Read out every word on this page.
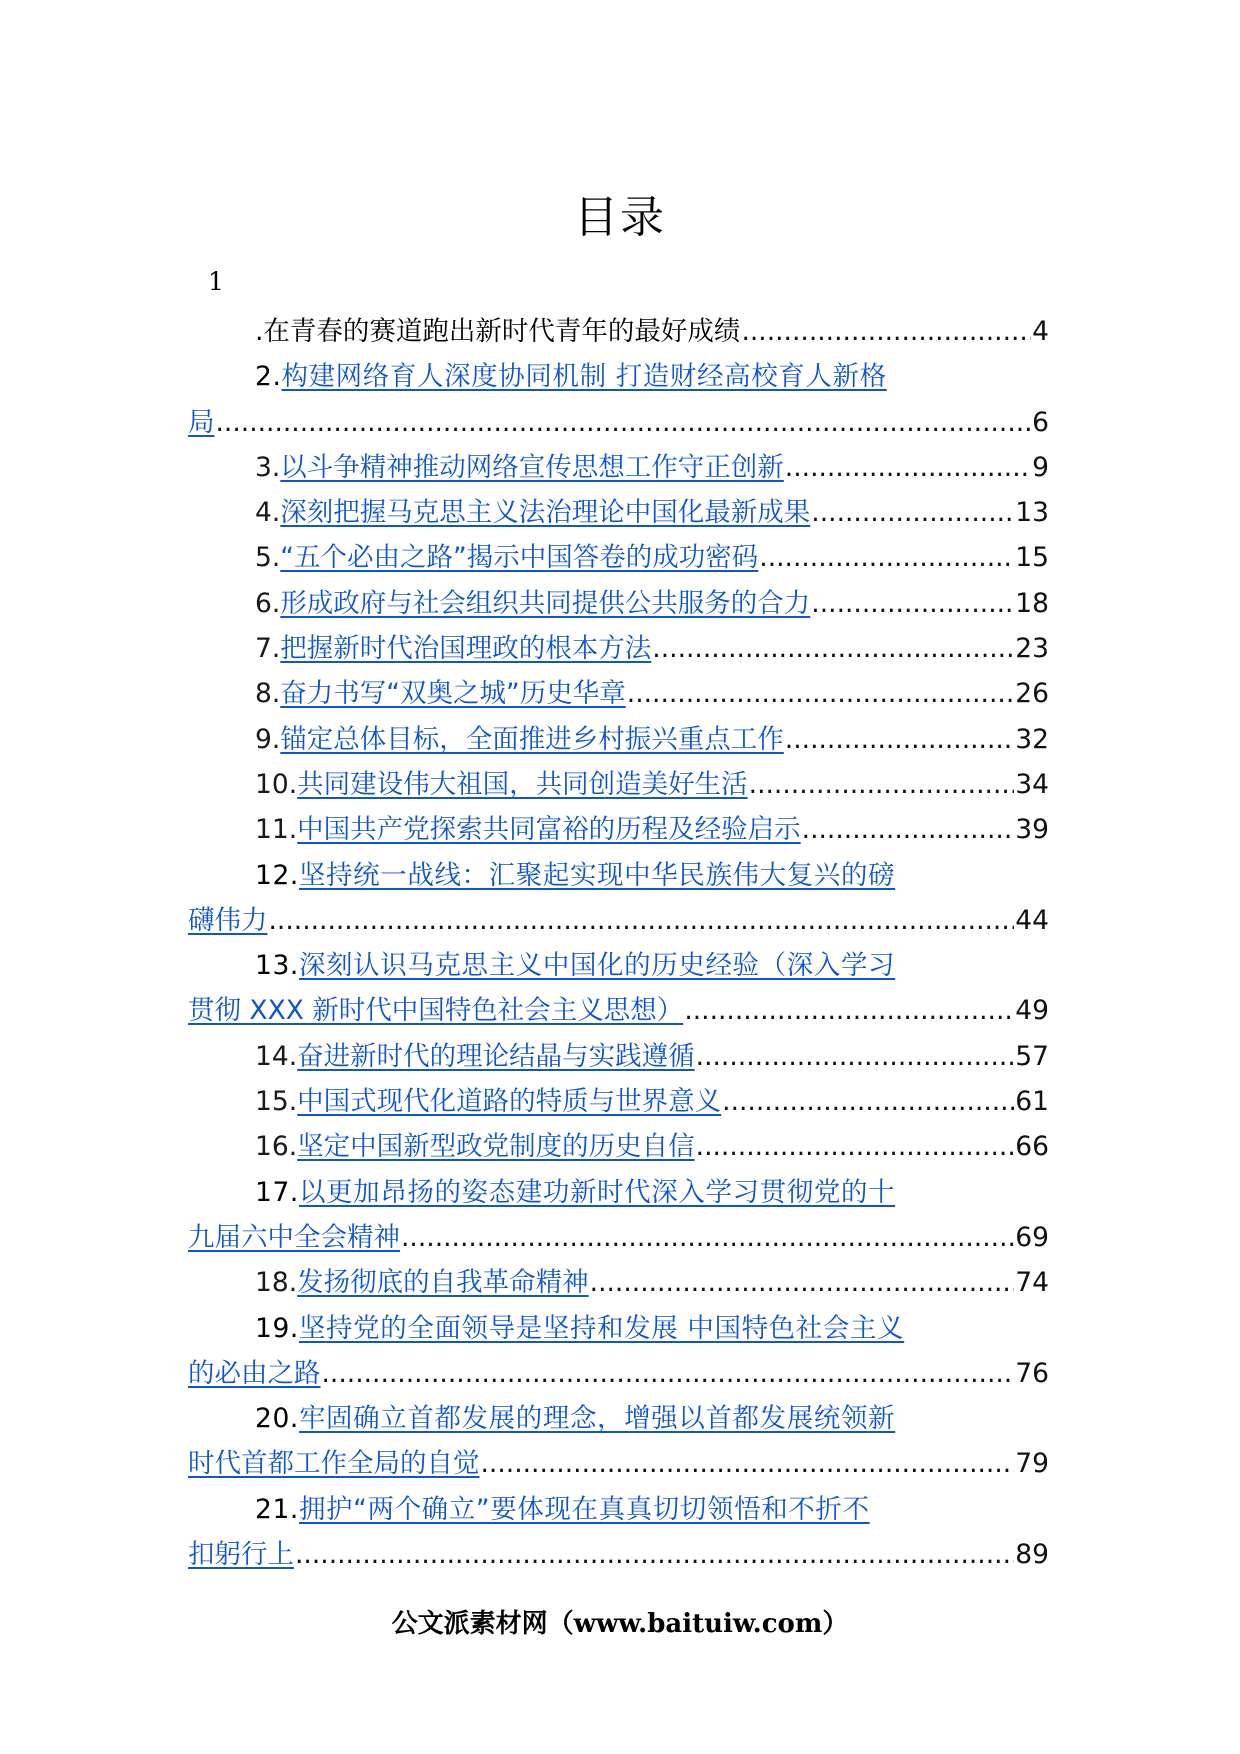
目录
1
.在青春的赛道跑出新时代青年的最好成绩 .....	4
2.构建网络育人深度协同机制 打造财经高校育人新格
局 .....	6
3. 以斗争精神推动网络宣传思想工作守正创新 .....	9
4. 深刻把握马克思主义法治理论中国化最新成果 .....	13
5. “五个必由之路”揭示中国答卷的成功密码 .....	15
6. 形成政府与社会组织共同提供公共服务的合力 .....	18
7. 把握新时代治国理政的根本方法 .....	23
8. 奋力书写“双奥之城”历史华章 .....	26
9. 锚定总体目标，全面推进乡村振兴重点工作 .....	32
10. 共同建设伟大祖国，共同创造美好生活 .....	34
11. 中国共产党探索共同富裕的历程及经验启示 .....	39
12.坚持统一战线：汇聚起实现中华民族伟大复兴的磅
礴伟力 .....	44
13.深刻认识马克思主义中国化的历史经验（深入学习
贯彻 XXX 新时代中国特色社会主义思想） .....	49
14. 奋进新时代的理论结晶与实践遵循 .....	57
15. 中国式现代化道路的特质与世界意义 .....	61
16. 坚定中国新型政党制度的历史自信 .....	66
17.以更加昂扬的姿态建功新时代深入学习贯彻党的十
九届六中全会精神 .....	69
18. 发扬彻底的自我革命精神 .....	74
19.坚持党的全面领导是坚持和发展 中国特色社会主义
的必由之路 .....	76
20.牢固确立首都发展的理念，增强以首都发展统领新
时代首都工作全局的自觉 .....	79
21.拥护“两个确立”要体现在真真切切领悟和不折不
扣躬行上 .....	89
公文派素材网（www.baituiw.com）
